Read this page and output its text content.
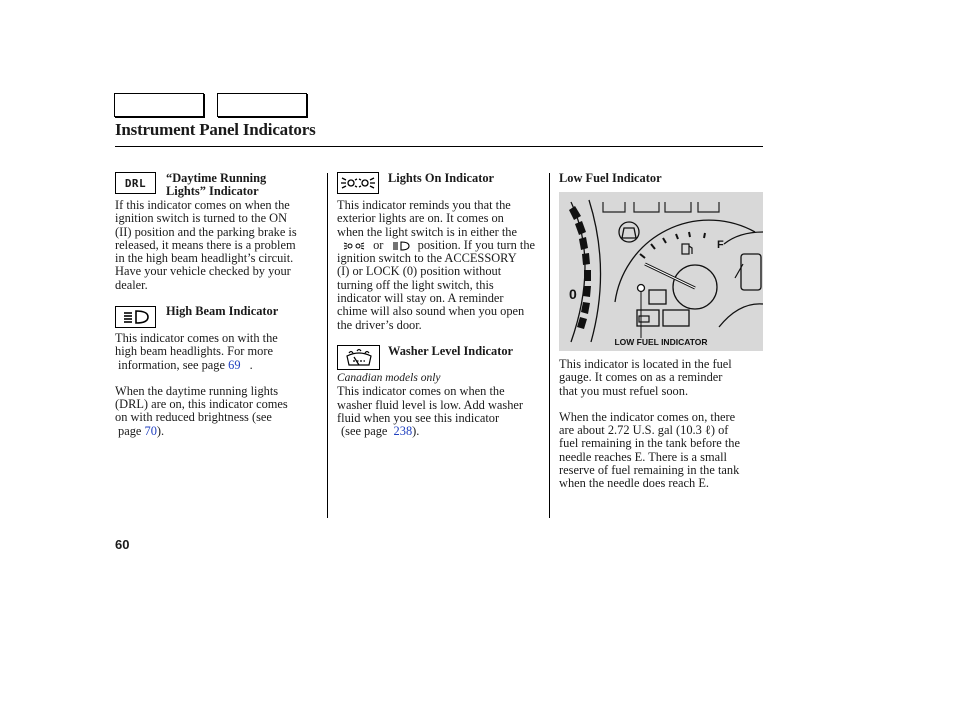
Instrument Panel Indicators
DRL “Daytime Running

Lights” Indicator

If this indicator comes on when the

ignition switch is turned to the ON

(II) position and the parking brake is

released, it means there is a problem

in the high beam headlight’s circuit.

Have your vehicle checked by your

dealer.

High Beam Indicator

This indicator comes on with the

high beam headlights. For more

information, see page 69 .

When the daytime running lights

(DRL) are on, this indicator comes

on with reduced brightness (see

page 70).

Lights On Indicator

This indicator reminds you that the

exterior lights are on. It comes on

when the light switch is in either the

or	position. If you turn the

ignition switch to the ACCESSORY

(I) or LOCK (0) position without

turning off the light switch, this

indicator will stay on. A reminder

chime will also sound when you open

the driver’s door.

Washer Level Indicator

Canadian models only

This indicator comes on when the

washer fluid level is low. Add washer

fluid when you see this indicator

(see page 238).

Low Fuel Indicator
0
F
LOW FUEL INDICATOR

This indicator is located in the fuel

gauge. It comes on as a reminder

that you must refuel soon.

When the indicator comes on, there

are about 2.72 U.S. gal (10.3 ℓ) of

fuel remaining in the tank before the

needle reaches E. There is a small

reserve of fuel remaining in the tank

when the needle does reach E.

60
